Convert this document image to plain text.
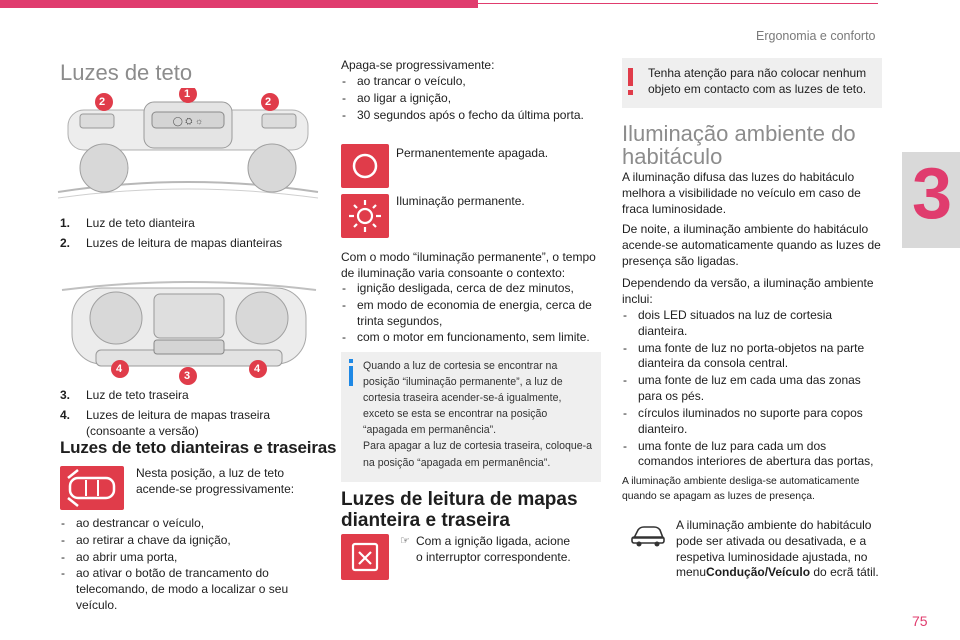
Ergonomia e conforto
3
75
Luzes de teto
◯ ⛭ ☼
2
1
2
1.	Luz de teto dianteira
2.	Luzes de leitura de mapas dianteiras
4
3
4
3.	Luz de teto traseira
4.	Luzes de leitura de mapas traseira (consoante a versão)
Luzes de teto dianteiras e traseiras
Nesta posição, a luz de teto acende-se progressivamente:
- ao destrancar o veículo,
- ao retirar a chave da ignição,
- ao abrir uma porta,
- ao ativar o botão de trancamento do telecomando, de modo a localizar o seu veículo.
Apaga-se progressivamente:
- ao trancar o veículo,
- ao ligar a ignição,
- 30 segundos após o fecho da última porta.
Permanentemente apagada.
Iluminação permanente.
Com o modo “iluminação permanente”, o tempo de iluminação varia consoante o contexto:
- ignição desligada, cerca de dez minutos,
- em modo de economia de energia, cerca de trinta segundos,
- com o motor em funcionamento, sem limite.
Quando a luz de cortesia se encontrar na
posição “iluminação permanente”, a luz de
cortesia traseira acender-se-á igualmente,
exceto se esta se encontrar na posição
“apagada em permanência”.
Para apagar a luz de cortesia traseira, coloque-a
na posição “apagada em permanência”.
Luzes de leitura de mapas
dianteira e traseira
☞ Com a ignição ligada, acione
o interruptor correspondente.
Tenha atenção para não colocar nenhum objeto em contacto com as luzes de teto.
Iluminação ambiente do
habitáculo
A iluminação difusa das luzes do habitáculo melhora a visibilidade no veículo em caso de fraca luminosidade.
De noite, a iluminação ambiente do habitáculo acende-se automaticamente quando as luzes de presença são ligadas.
Dependendo da versão, a iluminação ambiente inclui:
- dois LED situados na luz de cortesia dianteira.
- uma fonte de luz no porta-objetos na parte dianteira da consola central.
- uma fonte de luz em cada uma das zonas para os pés.
- círculos iluminados no suporte para copos dianteiro.
- uma fonte de luz para cada um dos comandos interiores de abertura das portas,
A iluminação ambiente desliga-se automaticamente quando se apagam as luzes de presença.
A iluminação ambiente do habitáculo pode ser ativada ou desativada, e a respetiva luminosidade ajustada, no menuCondução/Veículo do ecrã tátil.
